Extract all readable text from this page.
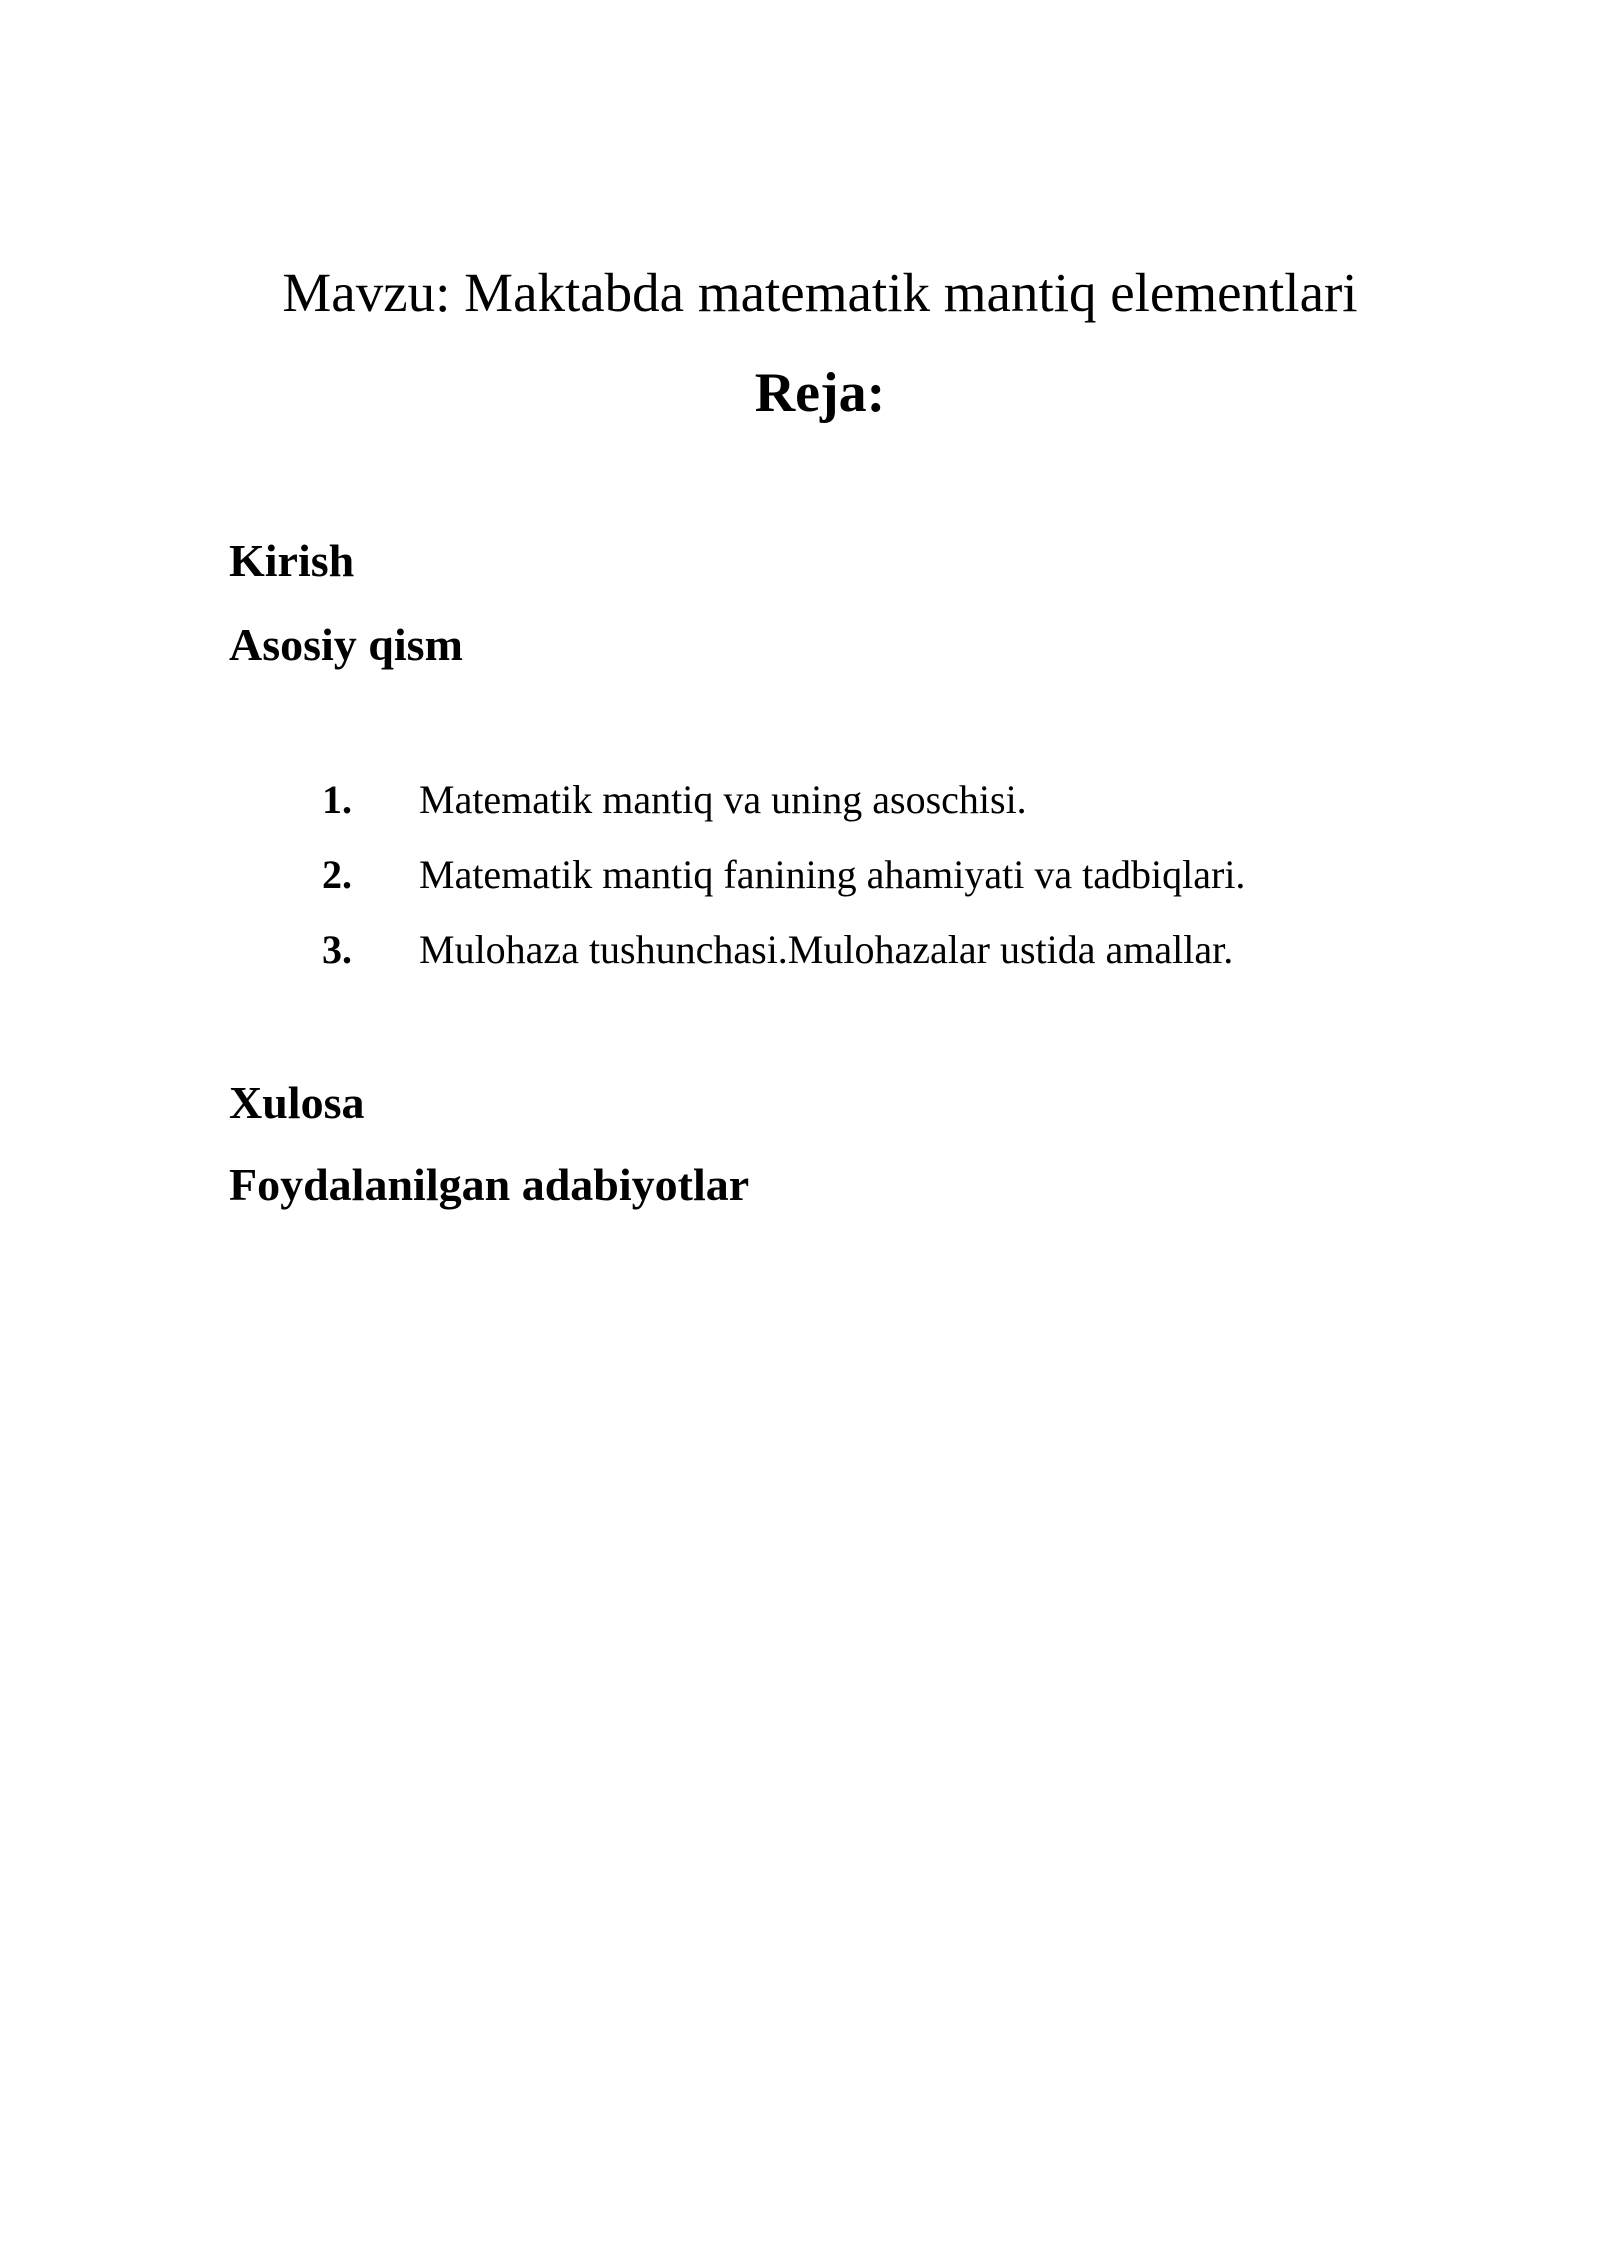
Mavzu: Maktabda matematik mantiq elementlari
Reja:
Kirish
Asosiy qism
1. Matematik mantiq va uning asoschisi.
2. Matematik mantiq fanining ahamiyati va tadbiqlari.
3. Mulohaza tushunchasi.Mulohazalar ustida amallar.
Xulosa
Foydalanilgan adabiyotlar
